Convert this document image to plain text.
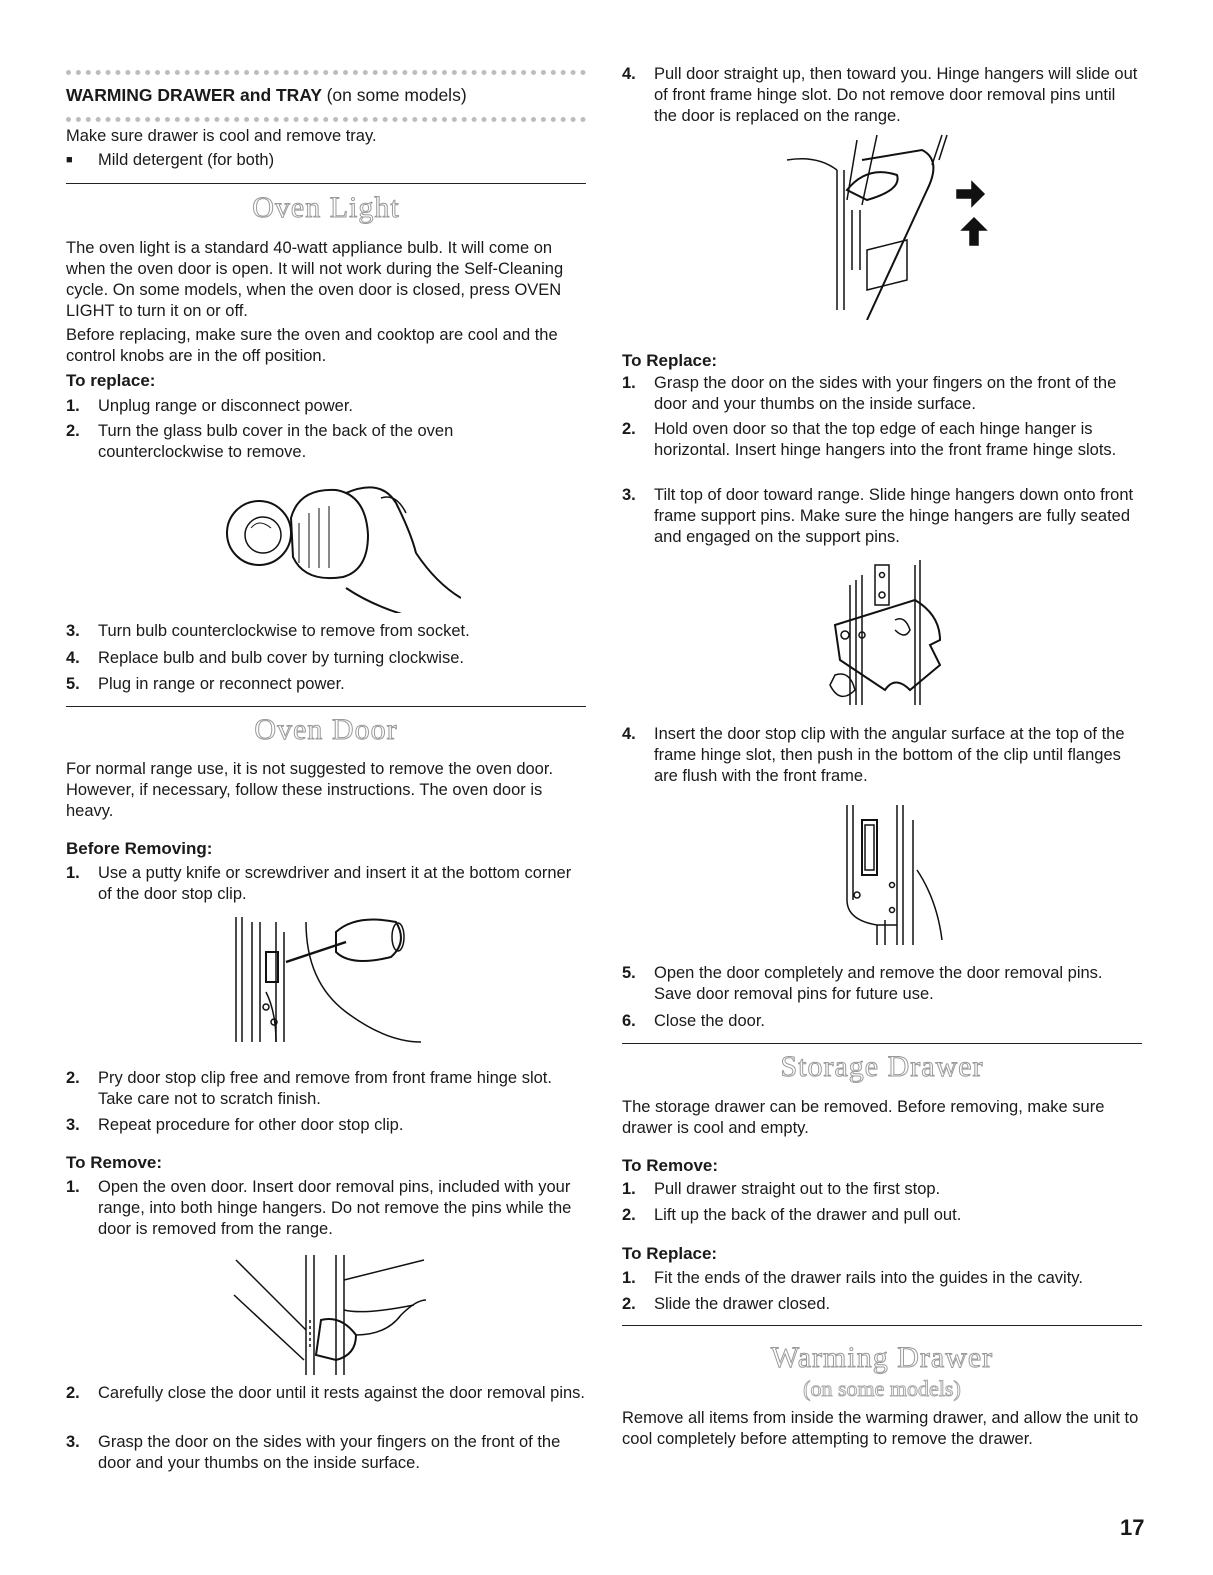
WARMING DRAWER and TRAY (on some models)

Make sure drawer is cool and remove tray.

■	Mild detergent (for both)

Oven Light

The oven light is a standard 40-watt appliance bulb. It will come on when the oven door is open. It will not work during the Self-Cleaning cycle. On some models, when the oven door is closed, press OVEN LIGHT to turn it on or off.

Before replacing, make sure the oven and cooktop are cool and the control knobs are in the off position.

To replace:

1.	Unplug range or disconnect power.
2.	Turn the glass bulb cover in the back of the oven counterclockwise to remove.
3.	Turn bulb counterclockwise to remove from socket.
4.	Replace bulb and bulb cover by turning clockwise.
5.	Plug in range or reconnect power.
Oven Door

For normal range use, it is not suggested to remove the oven door. However, if necessary, follow these instructions. The oven door is heavy.

Before Removing:

1.	Use a putty knife or screwdriver and insert it at the bottom corner of the door stop clip.
2.	Pry door stop clip free and remove from front frame hinge slot. Take care not to scratch finish.
3.	Repeat procedure for other door stop clip.

To Remove:

1.	Open the oven door. Insert door removal pins, included with your range, into both hinge hangers. Do not remove the pins while the door is removed from the range.
2.	Carefully close the door until it rests against the door removal pins.
3.	Grasp the door on the sides with your fingers on the front of the door and your thumbs on the inside surface.
4.	Pull door straight up, then toward you. Hinge hangers will slide out of front frame hinge slot. Do not remove door removal pins until the door is replaced on the range.

To Replace:

1.	Grasp the door on the sides with your fingers on the front of the door and your thumbs on the inside surface.
2.	Hold oven door so that the top edge of each hinge hanger is horizontal. Insert hinge hangers into the front frame hinge slots.
3.	Tilt top of door toward range. Slide hinge hangers down onto front frame support pins. Make sure the hinge hangers are fully seated and engaged on the support pins.
4.	Insert the door stop clip with the angular surface at the top of the frame hinge slot, then push in the bottom of the clip until flanges are flush with the front frame.
5.	Open the door completely and remove the door removal pins. Save door removal pins for future use.
6.	Close the door.
Storage Drawer

The storage drawer can be removed. Before removing, make sure drawer is cool and empty.

To Remove:

1.	Pull drawer straight out to the first stop.
2.	Lift up the back of the drawer and pull out.

To Replace:

1.	Fit the ends of the drawer rails into the guides in the cavity.
2.	Slide the drawer closed.
Warming Drawer
(on some models)

Remove all items from inside the warming drawer, and allow the unit to cool completely before attempting to remove the drawer.

17
